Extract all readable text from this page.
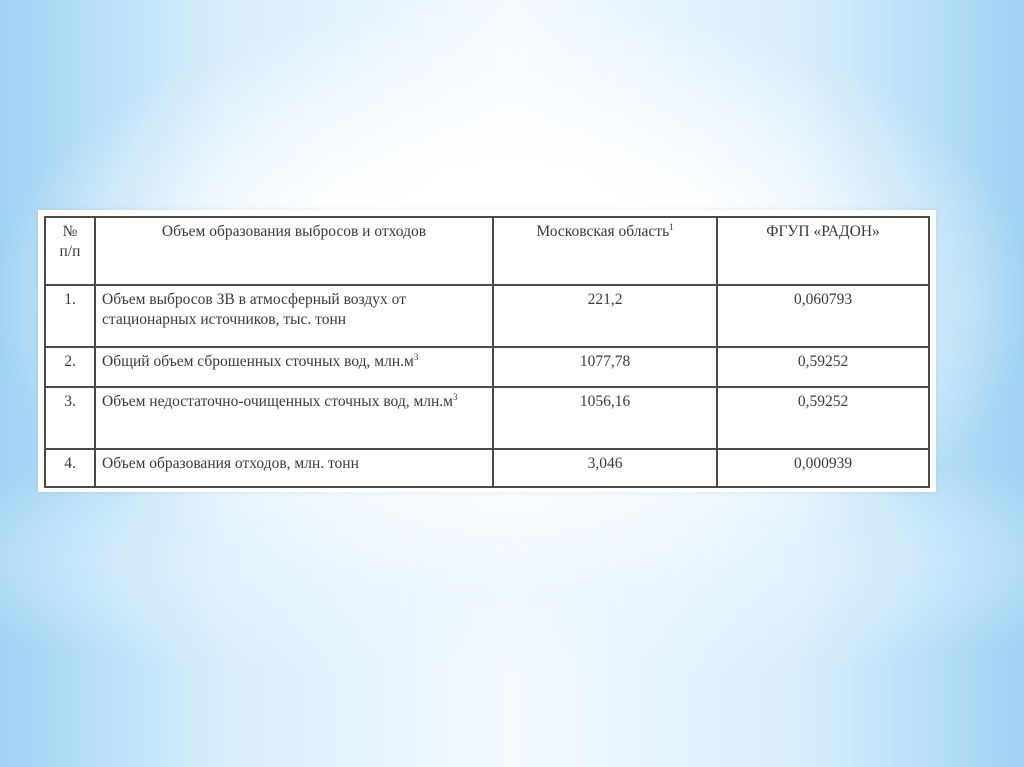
№
п/п	Объем образования выбросов и отходов	Московская область$^1$	ФГУП «РАДОН»
1.	Объем выбросов ЗВ в атмосферный воздух от стационарных источников, тыс. тонн	221,2	0,060793
2.	Общий объем сброшенных сточных вод, $млн.м^3$	1077,78	0,59252
3.	Объем недостаточно-очищенных сточных вод, $млн.м^3$	1056,16	0,59252
4.	Объем образования отходов, млн. тонн	3,046	0,000939
